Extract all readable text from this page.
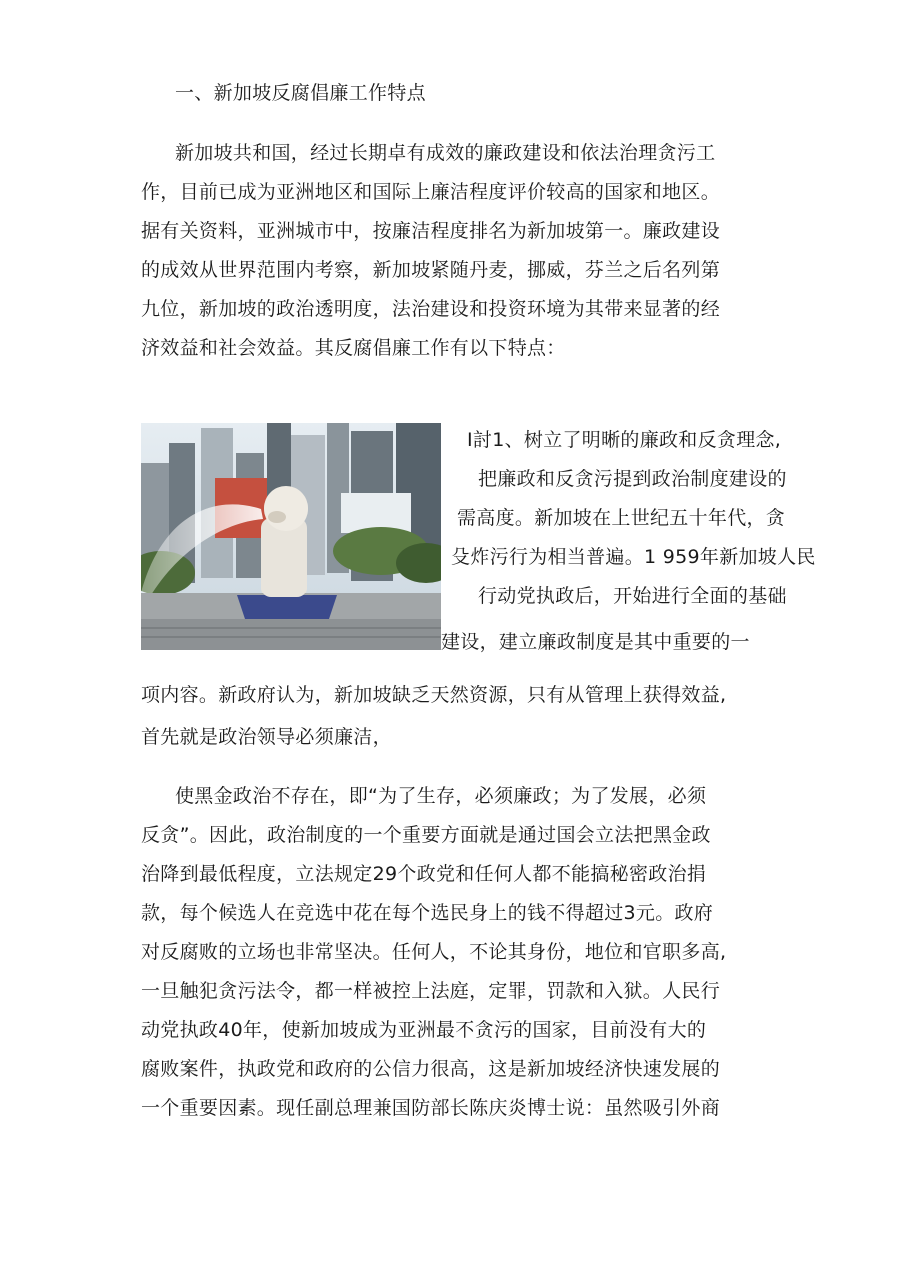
一、新加坡反腐倡廉工作特点
新加坡共和国，经过长期卓有成效的廉政建设和依法治理贪污工
作，目前已成为亚洲地区和国际上廉洁程度评价较高的国家和地区。
据有关资料，亚洲城市中，按廉洁程度排名为新加坡第一。廉政建设
的成效从世界范围内考察，新加坡紧随丹麦，挪威，芬兰之后名列第
九位，新加坡的政治透明度，法治建设和投资环境为其带来显著的经
济效益和社会效益。其反腐倡廉工作有以下特点：
I討1、树立了明晰的廉政和反贪理念,
把廉政和反贪污提到政治制度建设的
需高度。新加坡在上世纪五十年代，贪
殳炸污行为相当普遍。1 959年新加坡人民
行动党执政后，开始进行全面的基础
建设，建立廉政制度是其中重要的一
项内容。新政府认为，新加坡缺乏天然资源，只有从管理上获得效益,
首先就是政治领导必须廉洁，
使黑金政治不存在，即“为了生存，必须廉政；为了发展，必须
反贪”。因此，政治制度的一个重要方面就是通过国会立法把黑金政
治降到最低程度，立法规定29个政党和任何人都不能搞秘密政治捐
款，每个候选人在竞选中花在每个选民身上的钱不得超过3元。政府
对反腐败的立场也非常坚决。任何人，不论其身份，地位和官职多高,
一旦触犯贪污法令，都一样被控上法庭，定罪，罚款和入狱。人民行
动党执政40年，使新加坡成为亚洲最不贪污的国家，目前没有大的
腐败案件，执政党和政府的公信力很高，这是新加坡经济快速发展的
一个重要因素。现任副总理兼国防部长陈庆炎博士说：虽然吸引外商
